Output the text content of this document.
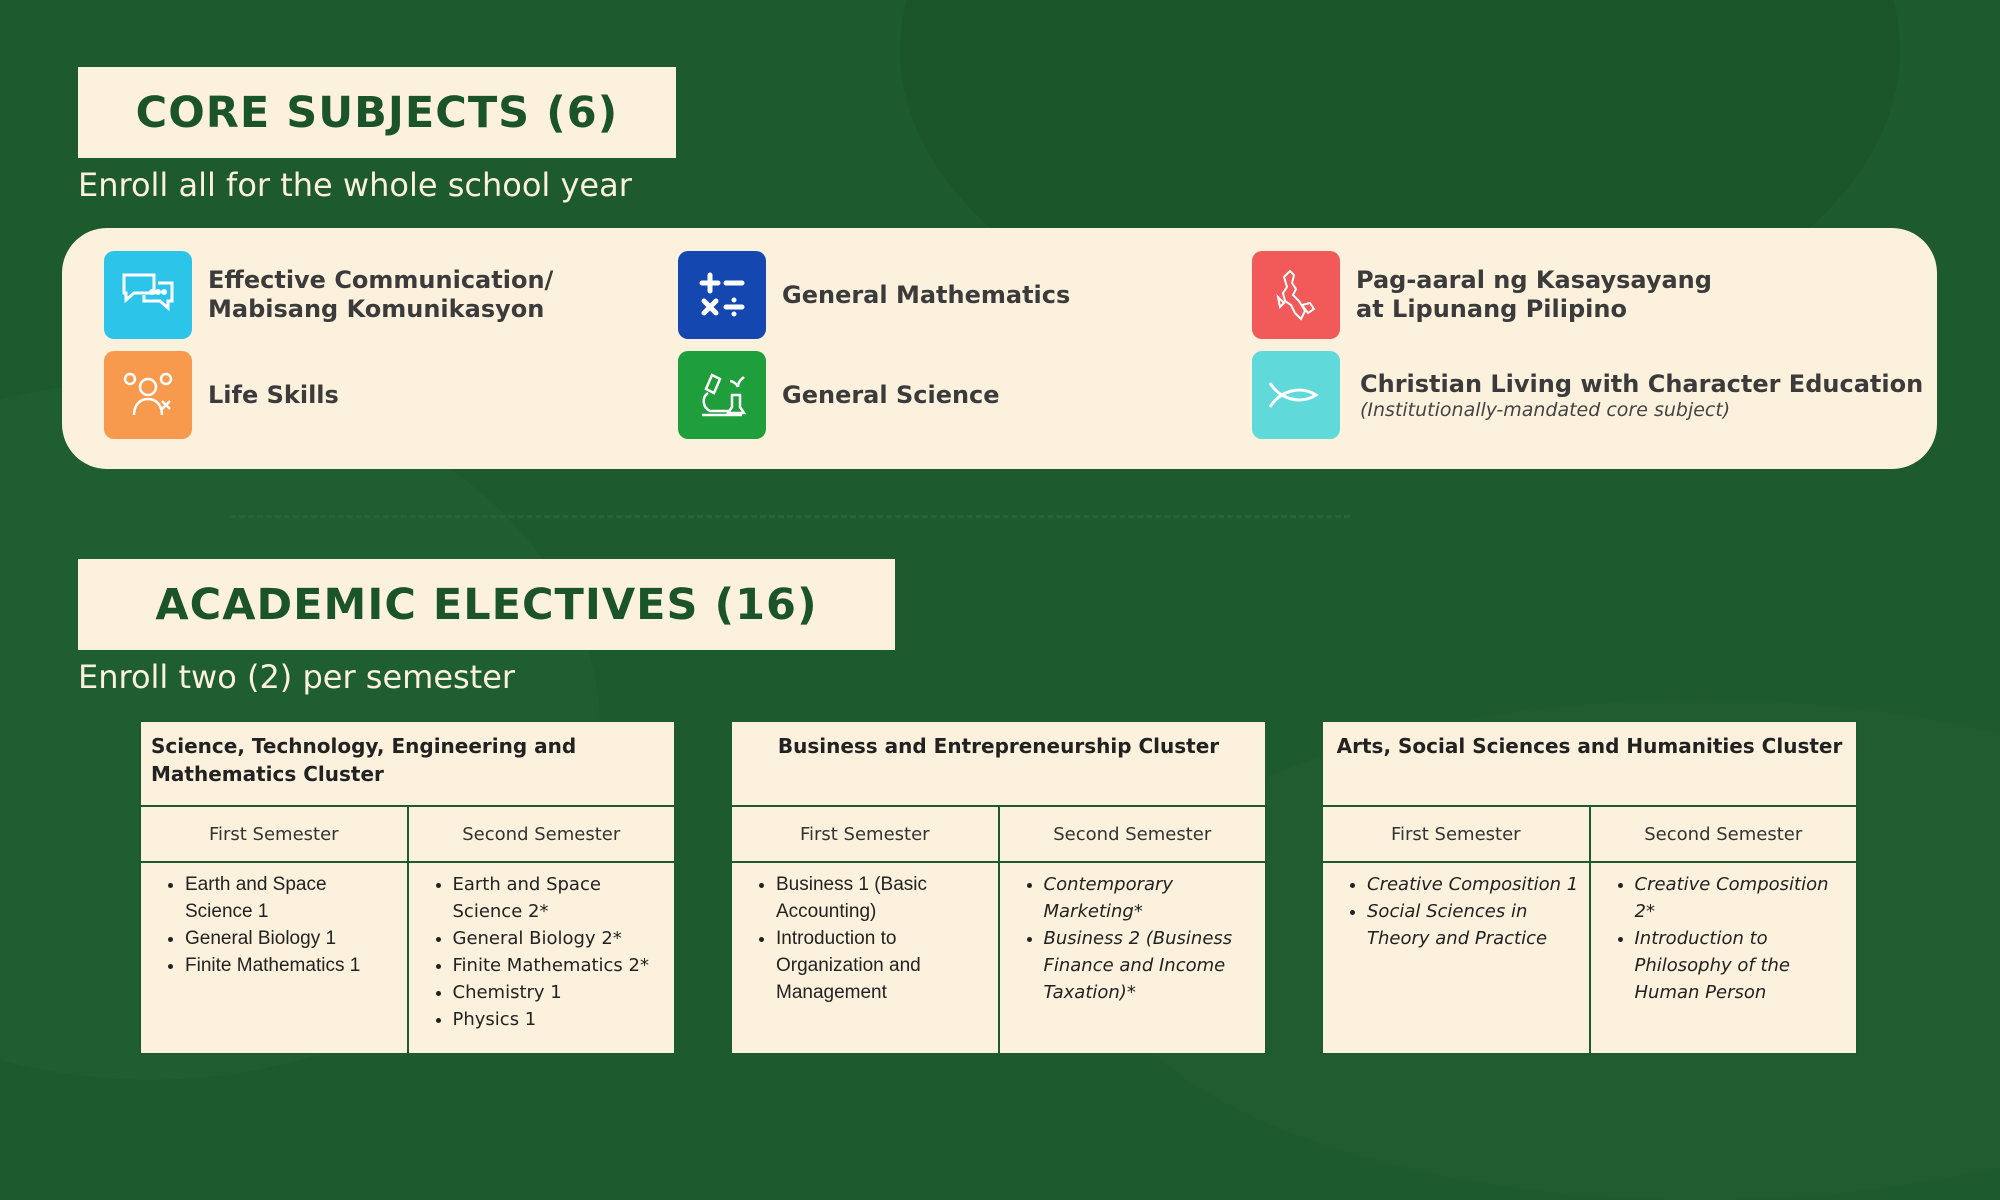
CORE SUBJECTS (6)
Enroll all for the whole school year
Effective Communication/
Mabisang Komunikasyon
General Mathematics
Pag-aaral ng Kasaysayang
at Lipunang Pilipino
Life Skills	General Science	Christian Living with Character Education
(Institutionally-mandated core subject)
ACADEMIC ELECTIVES (16)
Enroll two (2) per semester
Science, Technology, Engineering and Mathematics Cluster
First Semester
• Earth and Space Science 1
• General Biology 1
• Finite Mathematics 1
Second Semester
• Earth and Space Science 2*
• General Biology 2*
• Finite Mathematics 2*
• Chemistry 1
• Physics 1
Business and Entrepreneurship Cluster
First Semester
• Business 1 (Basic Accounting)
• Introduction to Organization and Management
Second Semester
• Contemporary Marketing*
• Business 2 (Business Finance and Income Taxation)*
Arts, Social Sciences and Humanities Cluster
First Semester
• Creative Composition 1
• Social Sciences in Theory and Practice
Second Semester
• Creative Composition 2*
• Introduction to Philosophy of the Human Person
